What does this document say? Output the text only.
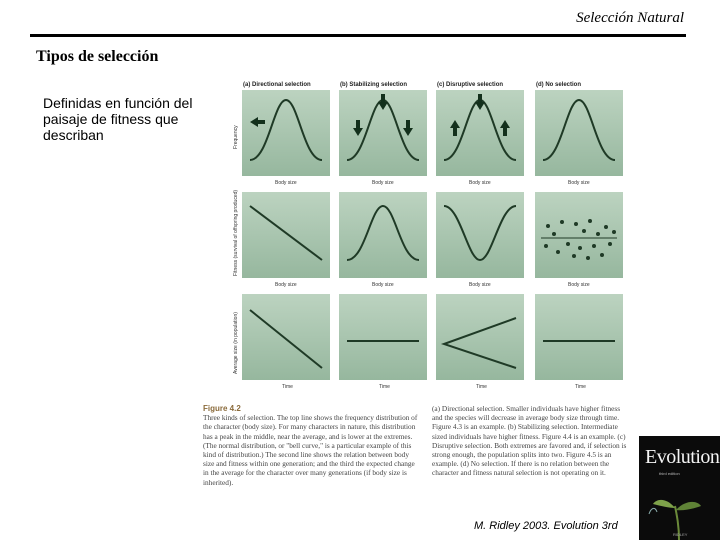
Selección Natural
Tipos de selección
Definidas en función del paisaje de fitness que describan
(a) Directional selection	(b) Stabilizing selection	(c) Disruptive selection	(d) No selection
Frequency
Fitness (survival of offspring produced)
Average size (in population)
Body size	Body size	Body size	Body size
Body size	Body size	Body size	Body size
Time	Time	Time	Time
Figure 4.2
Three kinds of selection. The top line shows the frequency distribution of the character (body size). For many characters in nature, this distribution has a peak in the middle, near the average, and is lower at the extremes. (The normal distribution, or "bell curve," is a particular example of this kind of distribution.) The second line shows the relation between body size and fitness within one generation; and the third the expected change in the average for the character over many generations (if body size is inherited).
(a) Directional selection. Smaller individuals have higher fitness and the species will decrease in average body size through time. Figure 4.3 is an example. (b) Stabilizing selection. Intermediate sized individuals have higher fitness. Figure 4.4 is an example. (c) Disruptive selection. Both extremes are favored and, if selection is strong enough, the population splits into two. Figure 4.5 is an example. (d) No selection. If there is no relation between the character and fitness natural selection is not operating on it.
M. Ridley 2003. Evolution 3rd
Evolution
third edition
RIDLEY
